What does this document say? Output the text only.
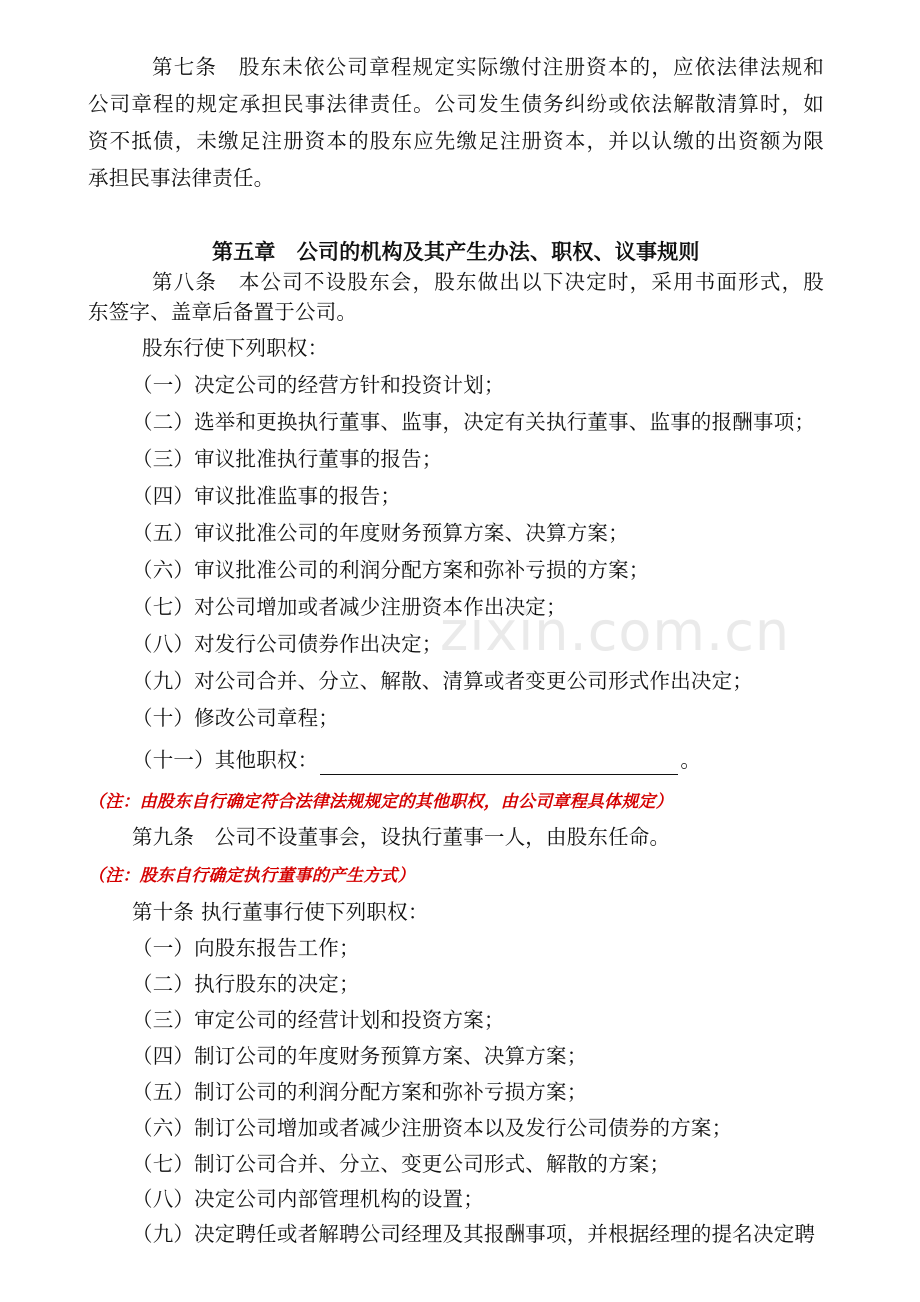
第七条　股东未依公司章程规定实际缴付注册资本的，应依法律法规和
公司章程的规定承担民事法律责任。公司发生债务纠纷或依法解散清算时，如
资不抵债，未缴足注册资本的股东应先缴足注册资本，并以认缴的出资额为限
承担民事法律责任。
第五章　公司的机构及其产生办法、职权、议事规则
第八条　本公司不设股东会，股东做出以下决定时，采用书面形式，股
东签字、盖章后备置于公司。
股东行使下列职权：
（一）决定公司的经营方针和投资计划；
（二）选举和更换执行董事、监事，决定有关执行董事、监事的报酬事项；
（三）审议批准执行董事的报告；
（四）审议批准监事的报告；
（五）审议批准公司的年度财务预算方案、决算方案；
（六）审议批准公司的利润分配方案和弥补亏损的方案；
（七）对公司增加或者减少注册资本作出决定；
（八）对发行公司债券作出决定；
（九）对公司合并、分立、解散、清算或者变更公司形式作出决定；
（十）修改公司章程；
（十一）其他职权：	。
（注：由股东自行确定符合法律法规规定的其他职权，由公司章程具体规定）
第九条　公司不设董事会，设执行董事一人，由股东任命。
（注：股东自行确定执行董事的产生方式）
第十条 执行董事行使下列职权：
（一）向股东报告工作；
（二）执行股东的决定；
（三）审定公司的经营计划和投资方案；
（四）制订公司的年度财务预算方案、决算方案；
（五）制订公司的利润分配方案和弥补亏损方案；
（六）制订公司增加或者减少注册资本以及发行公司债券的方案；
（七）制订公司合并、分立、变更公司形式、解散的方案；
（八）决定公司内部管理机构的设置；
（九）决定聘任或者解聘公司经理及其报酬事项，并根据经理的提名决定聘
zixin.com.cn
